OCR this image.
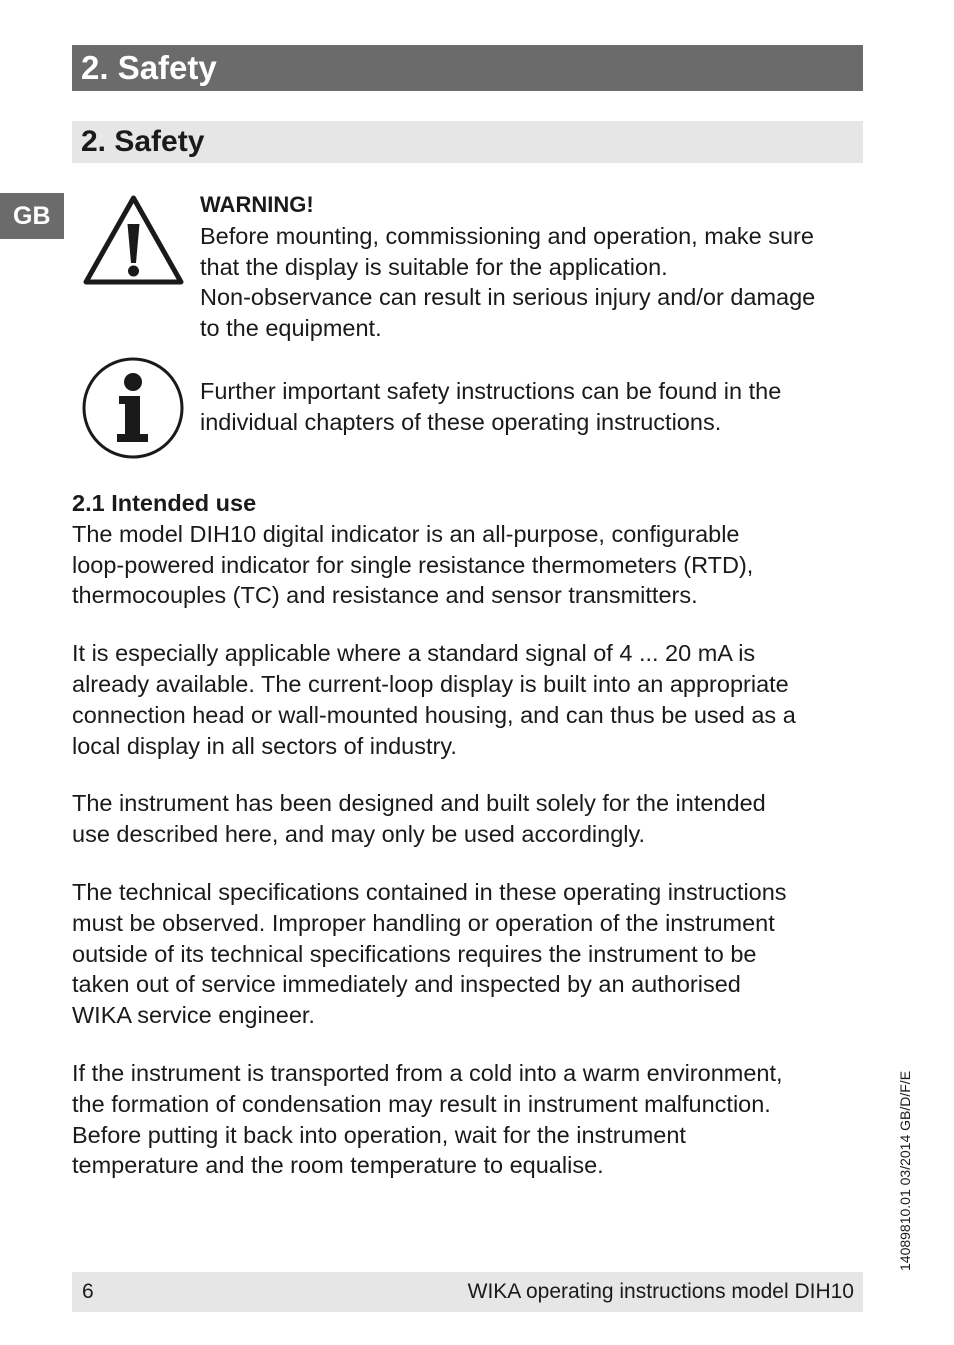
2. Safety
2. Safety
GB	WARNING!

Before mounting, commissioning and operation, make sure

that the display is suitable for the application.

Non-observance can result in serious injury and/or damage

to the equipment.

Further important safety instructions can be found in the

individual chapters of these operating instructions.

2.1 Intended use

The model DIH10 digital indicator is an all-purpose, configurable

loop-powered indicator for single resistance thermometers (RTD),

thermocouples (TC) and resistance and sensor transmitters.

It is especially applicable where a standard signal of 4 ... 20 mA is

already available. The current-loop display is built into an appropriate

connection head or wall-mounted housing, and can thus be used as a

local display in all sectors of industry.

The instrument has been designed and built solely for the intended

use described here, and may only be used accordingly.

The technical specifications contained in these operating instructions

must be observed. Improper handling or operation of the instrument

outside of its technical specifications requires the instrument to be

taken out of service immediately and inspected by an authorised

WIKA service engineer.

If the instrument is transported from a cold into a warm environment,

the formation of condensation may result in instrument malfunction.

Before putting it back into operation, wait for the instrument

temperature and the room temperature to equalise.	14089810.01 03/2014 GB/D/F/E
6	WIKA operating instructions model DIH10
